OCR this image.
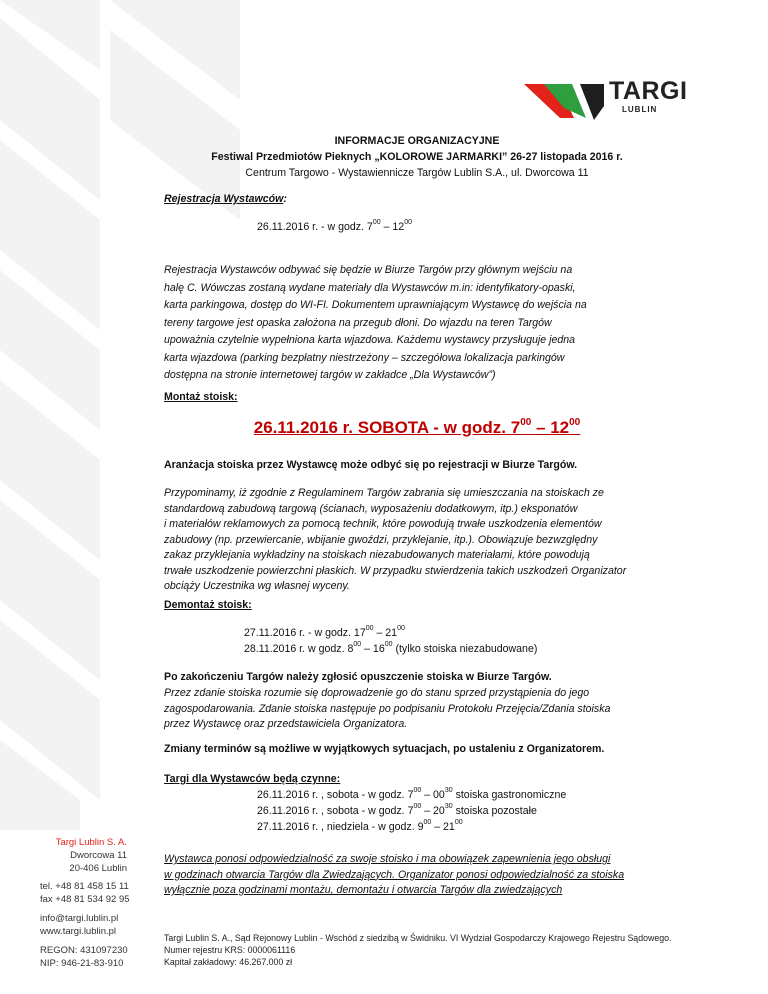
TARGI
LUBLIN
INFORMACJE ORGANIZACYJNE
Festiwal Przedmiotów Pieknych „KOLOROWE JARMARKI” 26-27 listopada 2016 r.
Centrum Targowo - Wystawiennicze Targów Lublin S.A., ul. Dworcowa 11
Rejestracja Wystawców:
26.11.2016 r. - w godz. $7^{00} - 12^{00}$
Rejestracja Wystawców odbywać się będzie w Biurze Targów przy głównym wejściu na
halę C. Wówczas zostaną wydane materiały dla Wystawców m.in: identyfikatory-opaski,
karta parkingowa, dostęp do WI-FI. Dokumentem uprawniającym Wystawcę do wejścia na
tereny targowe jest opaska założona na przegub dłoni. Do wjazdu na teren Targów
upoważnia czytelnie wypełniona karta wjazdowa. Każdemu wystawcy przysługuje jedna
karta wjazdowa (parking bezpłatny niestrzeżony – szczegółowa lokalizacja parkingów
dostępna na stronie internetowej targów w zakładce „Dla Wystawców”)
Montaż stoisk:
26.11.2016 r. SOBOTA - w godz. $7^{00} - 12^{00}$
Aranżacja stoiska przez Wystawcę może odbyć się po rejestracji w Biurze Targów.
Przypominamy, iż zgodnie z Regulaminem Targów zabrania się umieszczania na stoiskach ze
standardową zabudową targową (ścianach, wyposażeniu dodatkowym, itp.) eksponatów
i materiałów reklamowych za pomocą technik, które powodują trwałe uszkodzenia elementów
zabudowy (np. przewiercanie, wbijanie gwoździ, przyklejanie, itp.). Obowiązuje bezwzględny
zakaz przyklejania wykładziny na stoiskach niezabudowanych materiałami, które powodują
trwałe uszkodzenie powierzchni płaskich. W przypadku stwierdzenia takich uszkodzeń Organizator
obciąży Uczestnika wg własnej wyceny.
Demontaż stoisk:
27.11.2016 r. - w godz. $17^{00} - 21^{00}$
28.11.2016 r. w godz. $8^{00} - 16^{00}$ (tylko stoiska niezabudowane)
Po zakończeniu Targów należy zgłosić opuszczenie stoiska w Biurze Targów.
Przez zdanie stoiska rozumie się doprowadzenie go do stanu sprzed przystąpienia do jego
zagospodarowania. Zdanie stoiska następuje po podpisaniu Protokołu Przejęcia/Zdania stoiska
przez Wystawcę oraz przedstawiciela Organizatora.
Zmiany terminów są możliwe w wyjątkowych sytuacjach, po ustaleniu z Organizatorem.
Targi dla Wystawców będą czynne:
26.11.2016 r. , sobota - w godz. $7^{00} - 00^{30}$ stoiska gastronomiczne
26.11.2016 r. , sobota - w godz. $7^{00} - 20^{30}$ stoiska pozostałe
27.11.2016 r. , niedziela - w godz. $9^{00} - 21^{00}$
Wystawca ponosi odpowiedzialność za swoje stoisko i ma obowiązek zapewnienia jego obsługi
w godzinach otwarcia Targów dla Zwiedzających. Organizator ponosi odpowiedzialność za stoiska
wyłącznie poza godzinami montażu, demontażu i otwarcia Targów dla zwiedzających
Targi Lublin S. A.
Dworcowa 11
20-406 Lublin
tel. +48 81 458 15 11
fax +48 81 534 92 95
info@targi.lublin.pl
www.targi.lublin.pl
REGON: 431097230
NIP: 946-21-83-910
Targi Lublin S. A., Sąd Rejonowy Lublin - Wschód z siedzibą w Świdniku. VI Wydział Gospodarczy Krajowego Rejestru Sądowego.
Numer rejestru KRS: 0000061116
Kapitał zakładowy: 46.267.000 zł
